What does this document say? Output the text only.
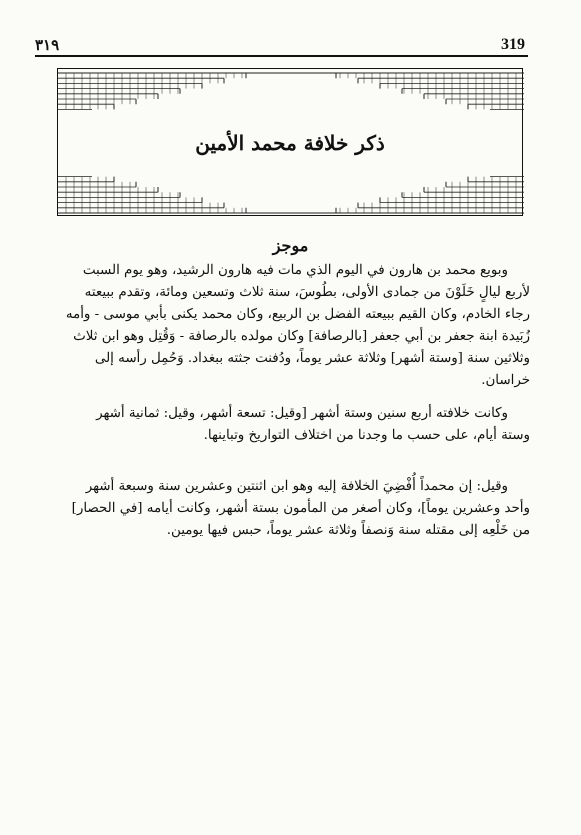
319
٣١٩
ذكر خلافة محمد الأمين
موجز
وبويع محمد بن هارون في اليوم الذي مات فيه هارون الرشيد، وهو يوم السبت
لأربع ليالٍ خَلَوْنَ من جمادى الأولى، بطُوسَ، سنة ثلاث وتسعين ومائة، وتقدم ببيعته
رجاء الخادم، وكان القيم ببيعته الفضل بن الربيع، وكان محمد يكنى بأبي موسى - وأمه
زُبَيدة ابنة جعفر بن أبي جعفر [بالرصافة] وكان مولده بالرصافة - وَقُتِل وهو ابن ثلاث
وثلاثين سنة [وستة أشهر] وثلاثة عشر يوماً، ودُفنت جثته ببغداد. وَحُمِل رأسه إلى
خراسان.
وكانت خلافته أربع سنين وستة أشهر [وقيل: تسعة أشهر، وقيل: ثمانية أشهر
وستة أيام، على حسب ما وجدنا من اختلاف التواريخ وتباينها.
وقيل: إن محمداً أُفْضِيَ الخلافة إليه وهو ابن اثنتين وعشرين سنة وسبعة أشهر
وأحد وعشرين يوماً]، وكان أصغر من المأمون بستة أشهر، وكانت أيامه [في الحصار]
من خَلْعِه إلى مقتله سنة وَنصفاً وثلاثة عشر يوماً، حبس فيها يومين.
